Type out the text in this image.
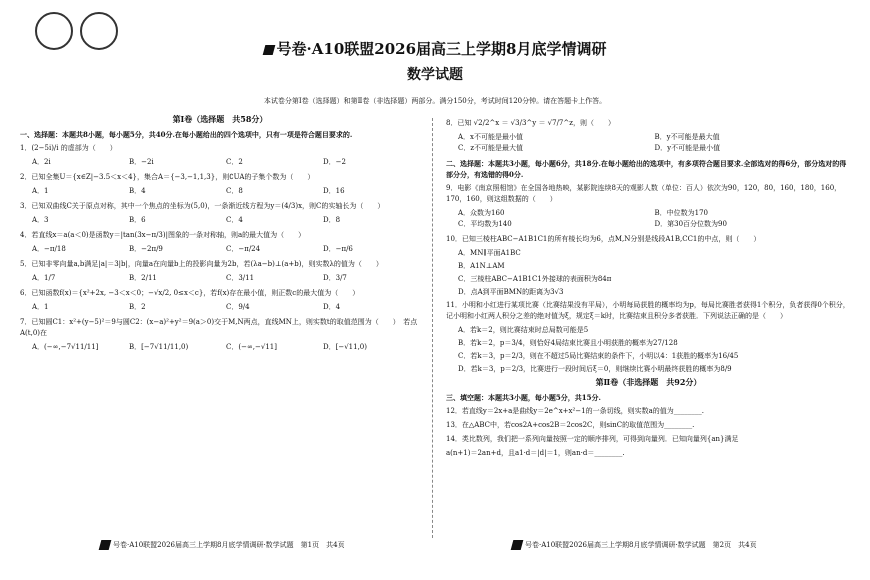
号卷·A10联盟2026届高三上学期8月底学情调研
数学试题
本试卷分第Ⅰ卷（选择题）和第Ⅱ卷（非选择题）两部分。满分150分，考试时间120分钟。请在答题卡上作答。
第Ⅰ卷（选择题　共58分）

一、选择题：本题共8小题，每小题5分，共40分.在每小题给出的四个选项中，只有一项是符合题目要求的.

1．(2−5i)/i 的虚部为（　　）

A．2i	B．−2i	C．2	D．−2

2．已知全集U＝{x∈Z|−3.5＜x＜4}，集合A＝{−3,−1,1,3}，则∁UA的子集个数为（　　）

A．1	B．4	C．8	D．16

3．已知双曲线C关于原点对称，其中一个焦点的坐标为(5,0)，一条渐近线方程为y＝(4/3)x，则C的实轴长为（　　）

A．3	B．6	C．4	D．8

4．若直线x＝a(a＜0)是函数y＝|tan(3x−π/3)|图象的一条对称轴，则a的最大值为（　　）

A．−π/18	B．−2π/9	C．−π/24	D．−π/6

5．已知非零向量a,b满足|a|＝3|b|，向量a在向量b上的投影向量为2b，若(λa−b)⊥(a+b)，则实数λ的值为（　　）

A．1/7	B．2/11	C．3/11	D．3/7

6．已知函数f(x)＝{x²+2x, −3＜x＜0；−√x/2, 0≤x＜c}，若f(x)存在最小值，则正数c的最大值为（　　）

A．1	B．2	C．9/4	D．4

7．已知圆C1：x²+(y−5)²＝9与圆C2：(x−a)²+y²＝9(a＞0)交于M,N两点，直线MN上，则实数t的取值范围为（　　）　若点A(t,0)在

A．(−∞,−7√11/11]	B．[−7√11/11,0)	C．(−∞,−√11]	D．[−√11,0)

8．已知 √2/2^x ＝ √3/3^y ＝ √7/7^z，则（　　）

A．x不可能是最小值	B．y不可能是最大值
C．z不可能是最大值	D．y不可能是最小值

二、选择题：本题共3小题，每小题6分，共18分.在每小题给出的选项中，有多项符合题目要求.全部选对的得6分，部分选对的得部分分，有选错的得0分.

9．电影《南京照相馆》在全国各地热映，某影院连续8天的观影人数（单位：百人）依次为90，120，80，160，180，160，170，160，则这组数据的（　　）

A．众数为160	B．中位数为170
C．平均数为140	D．第30百分位数为90

10．已知三棱柱ABC−A1B1C1的所有棱长均为6，点M,N分别是线段A1B,CC1的中点，则（　　）

A．MN∥平面A1BC
B．A1N⊥AM
C．三棱柱ABC−A1B1C1外接球的表面积为84π
D．点A到平面BMN的距离为3√3

11．小明和小红进行某项比赛（比赛结果没有平局），小明每局获胜的概率均为p，每局比赛胜者获得1个积分，负者获得0个积分，记小明和小红两人积分之差的绝对值为ξ，规定ξ＝k时，比赛结束且积分多者获胜．下列说法正确的是（　　）

A．若k＝2，则比赛结束时总局数可能是5
B．若k＝2，p＝3/4，则恰好4局结束比赛且小明获胜的概率为27/128
C．若k＝3，p＝2/3，则在不超过5局比赛结束的条件下，小明以4：1获胜的概率为16/45
D．若k＝3，p＝2/3，比赛进行一段时间后ξ＝0，则继续比赛小明最终获胜的概率为8/9
第Ⅱ卷（非选择题　共92分）

三、填空题：本题共3小题，每小题5分，共15分.

12．若直线y＝2x+a是曲线y＝2e^x+x²−1的一条切线，则实数a的值为________.

13．在△ABC中，若cos2A+cos2B＝2cos2C，则sinC的取值范围为________.

14．类比数列，我们把一系列向量按照一定的顺序排列，可得到向量列．已知向量列{an}满足

a(n+1)＝2an+d，且a1·d＝|d|＝1，则an·d＝________.

号卷·A10联盟2026届高三上学期8月底学情调研·数学试题　第1页　共4页	号卷·A10联盟2026届高三上学期8月底学情调研·数学试题　第2页　共4页
